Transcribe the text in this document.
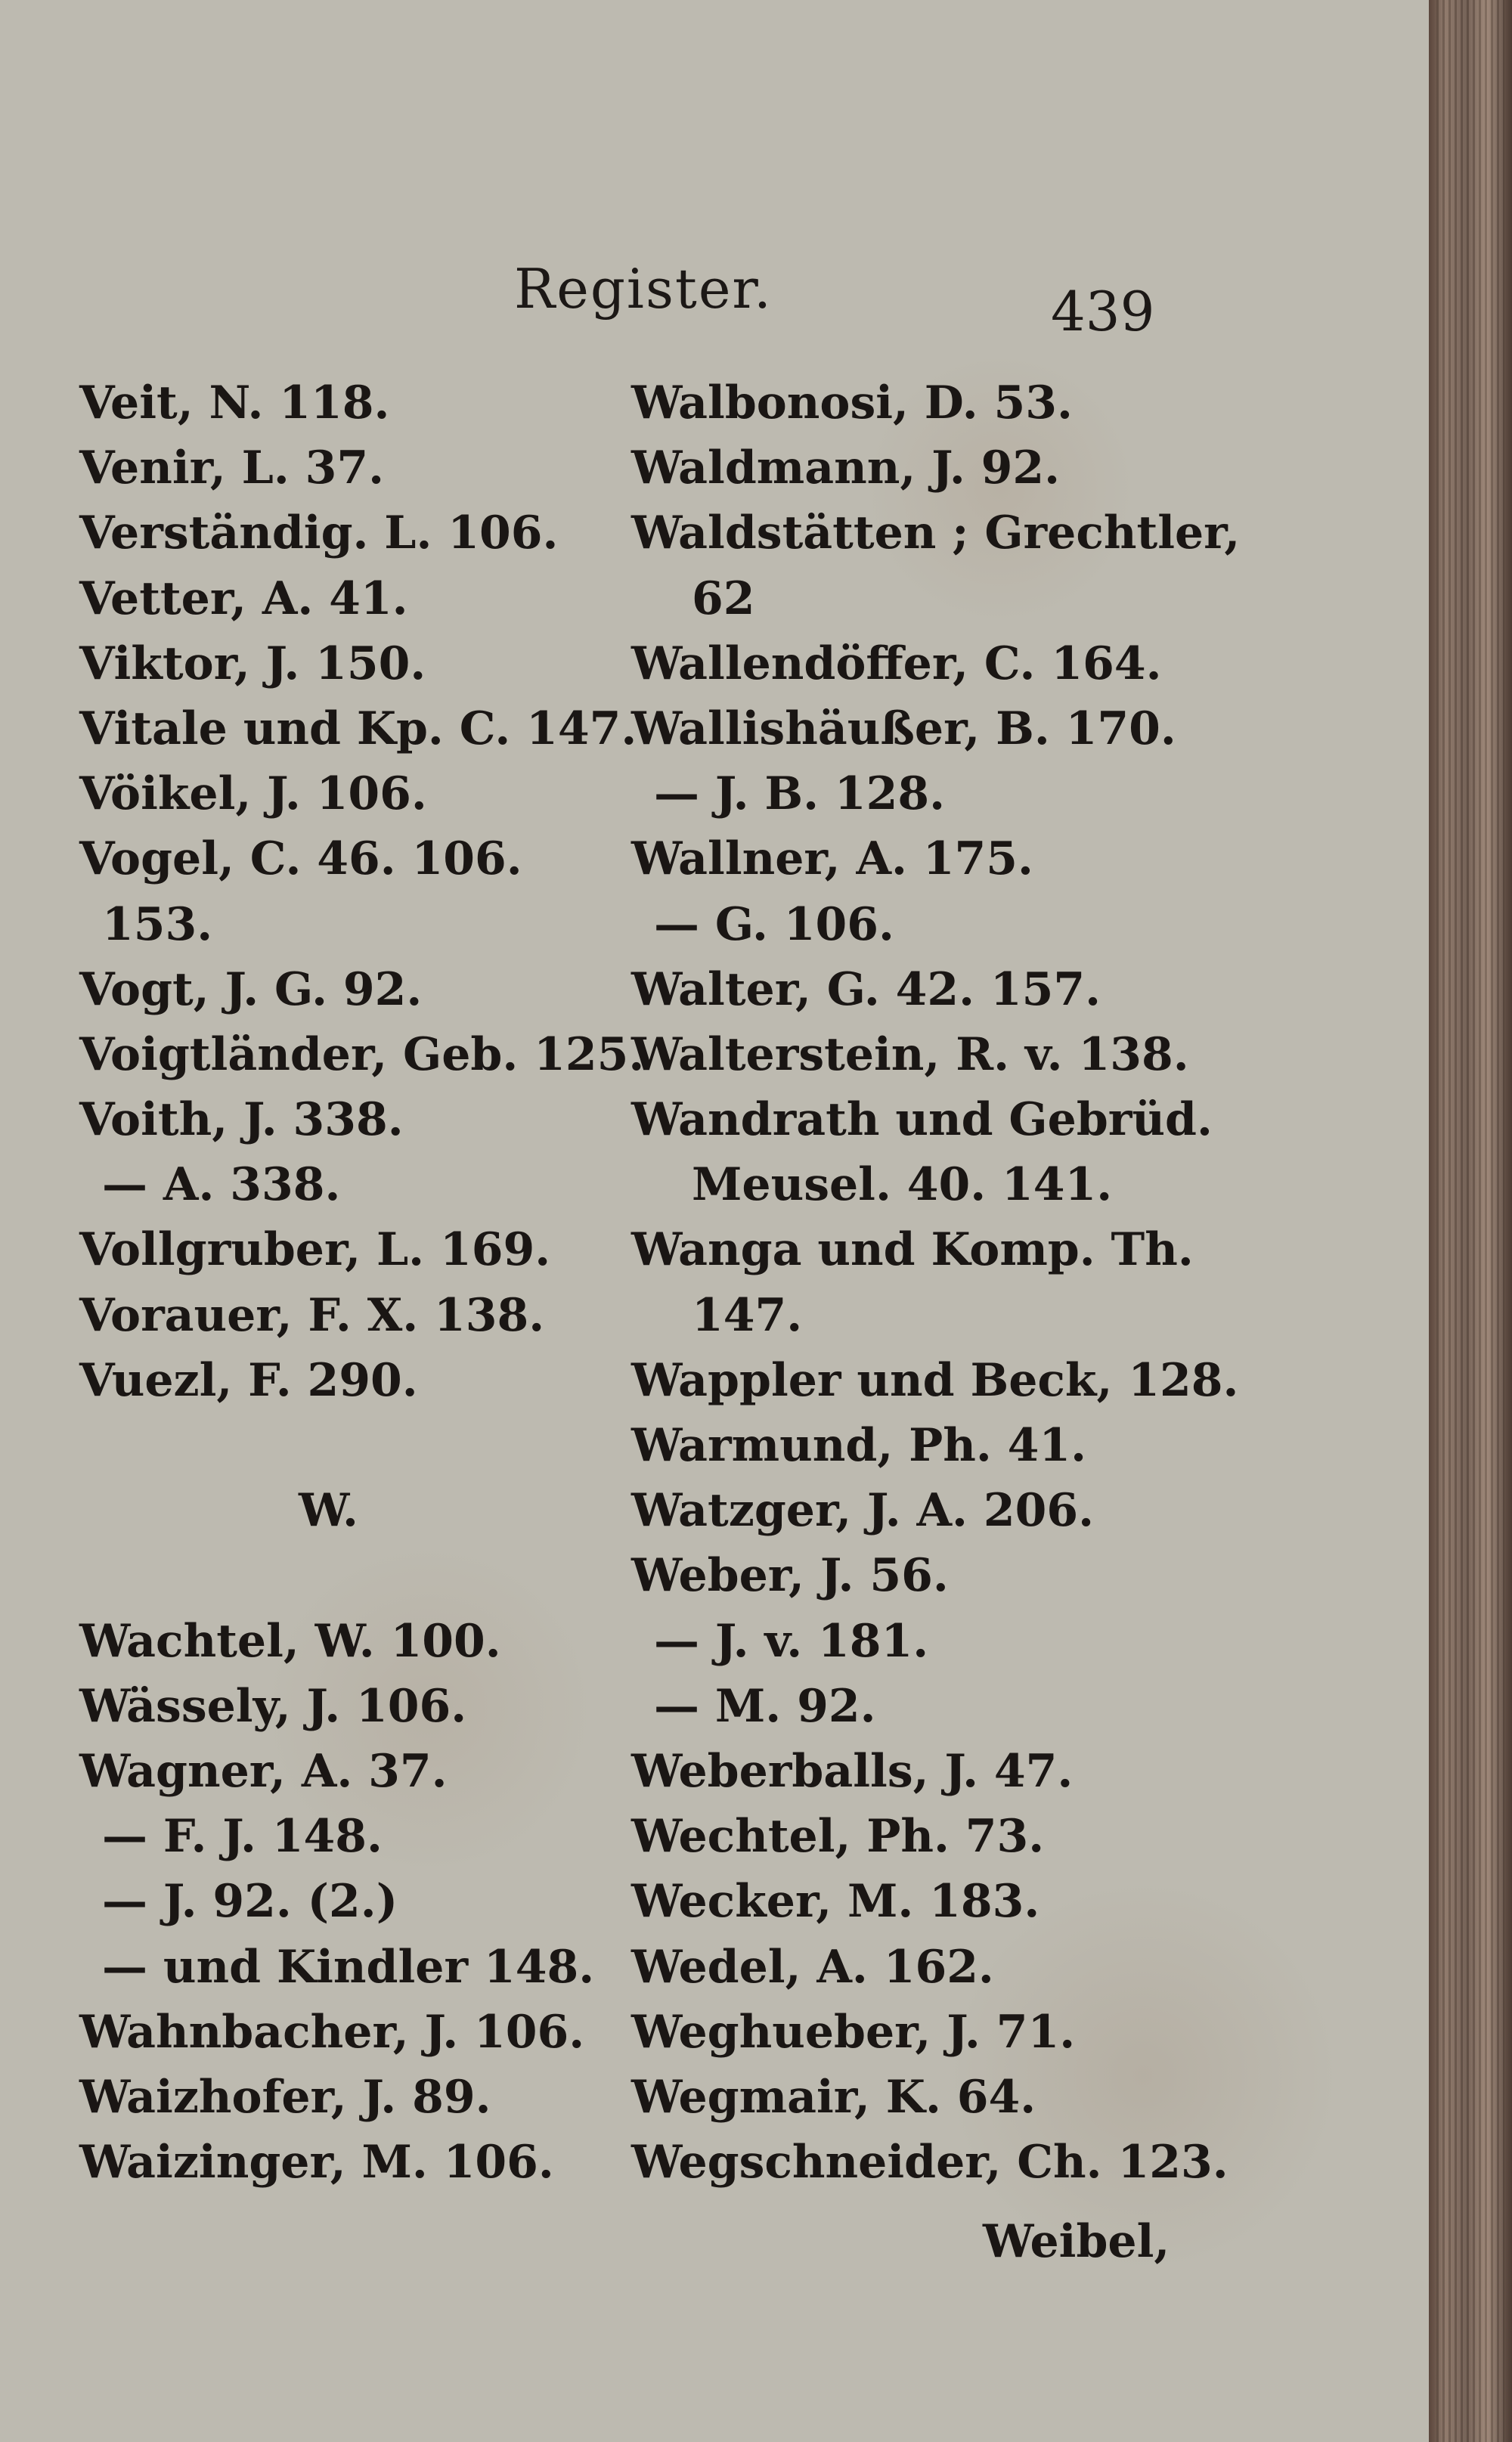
Register.	439
Veit, N. 118.
Venir, L. 37.
Verständig. L. 106.
Vetter, A. 41.
Viktor, J. 150.
Vitale und Kp. C. 147.
Vöikel, J. 106.
Vogel, C. 46. 106.
153.
Vogt, J. G. 92.
Voigtländer, Geb. 125.
Voith, J. 338.
— A. 338.
Vollgruber, L. 169.
Vorauer, F. X. 138.
Vuezl, F. 290.
W.
Wachtel, W. 100.
Wässely, J. 106.
Wagner, A. 37.
— F. J. 148.
— J. 92. (2.)
— und Kindler 148.
Wahnbacher, J. 106.
Waizhofer, J. 89.
Waizinger, M. 106.
Walbonosi, D. 53.
Waldmann, J. 92.
Waldstätten ; Grechtler,
62
Wallendöffer, C. 164.
Wallishäußer, B. 170.
— J. B. 128.
Wallner, A. 175.
— G. 106.
Walter, G. 42. 157.
Walterstein, R. v. 138.
Wandrath und Gebrüd.
Meusel. 40. 141.
Wanga und Komp. Th.
147.
Wappler und Beck, 128.
Warmund, Ph. 41.
Watzger, J. A. 206.
Weber, J. 56.
— J. v. 181.
— M. 92.
Weberballs, J. 47.
Wechtel, Ph. 73.
Wecker, M. 183.
Wedel, A. 162.
Weghueber, J. 71.
Wegmair, K. 64.
Wegschneider, Ch. 123.
Weibel,
